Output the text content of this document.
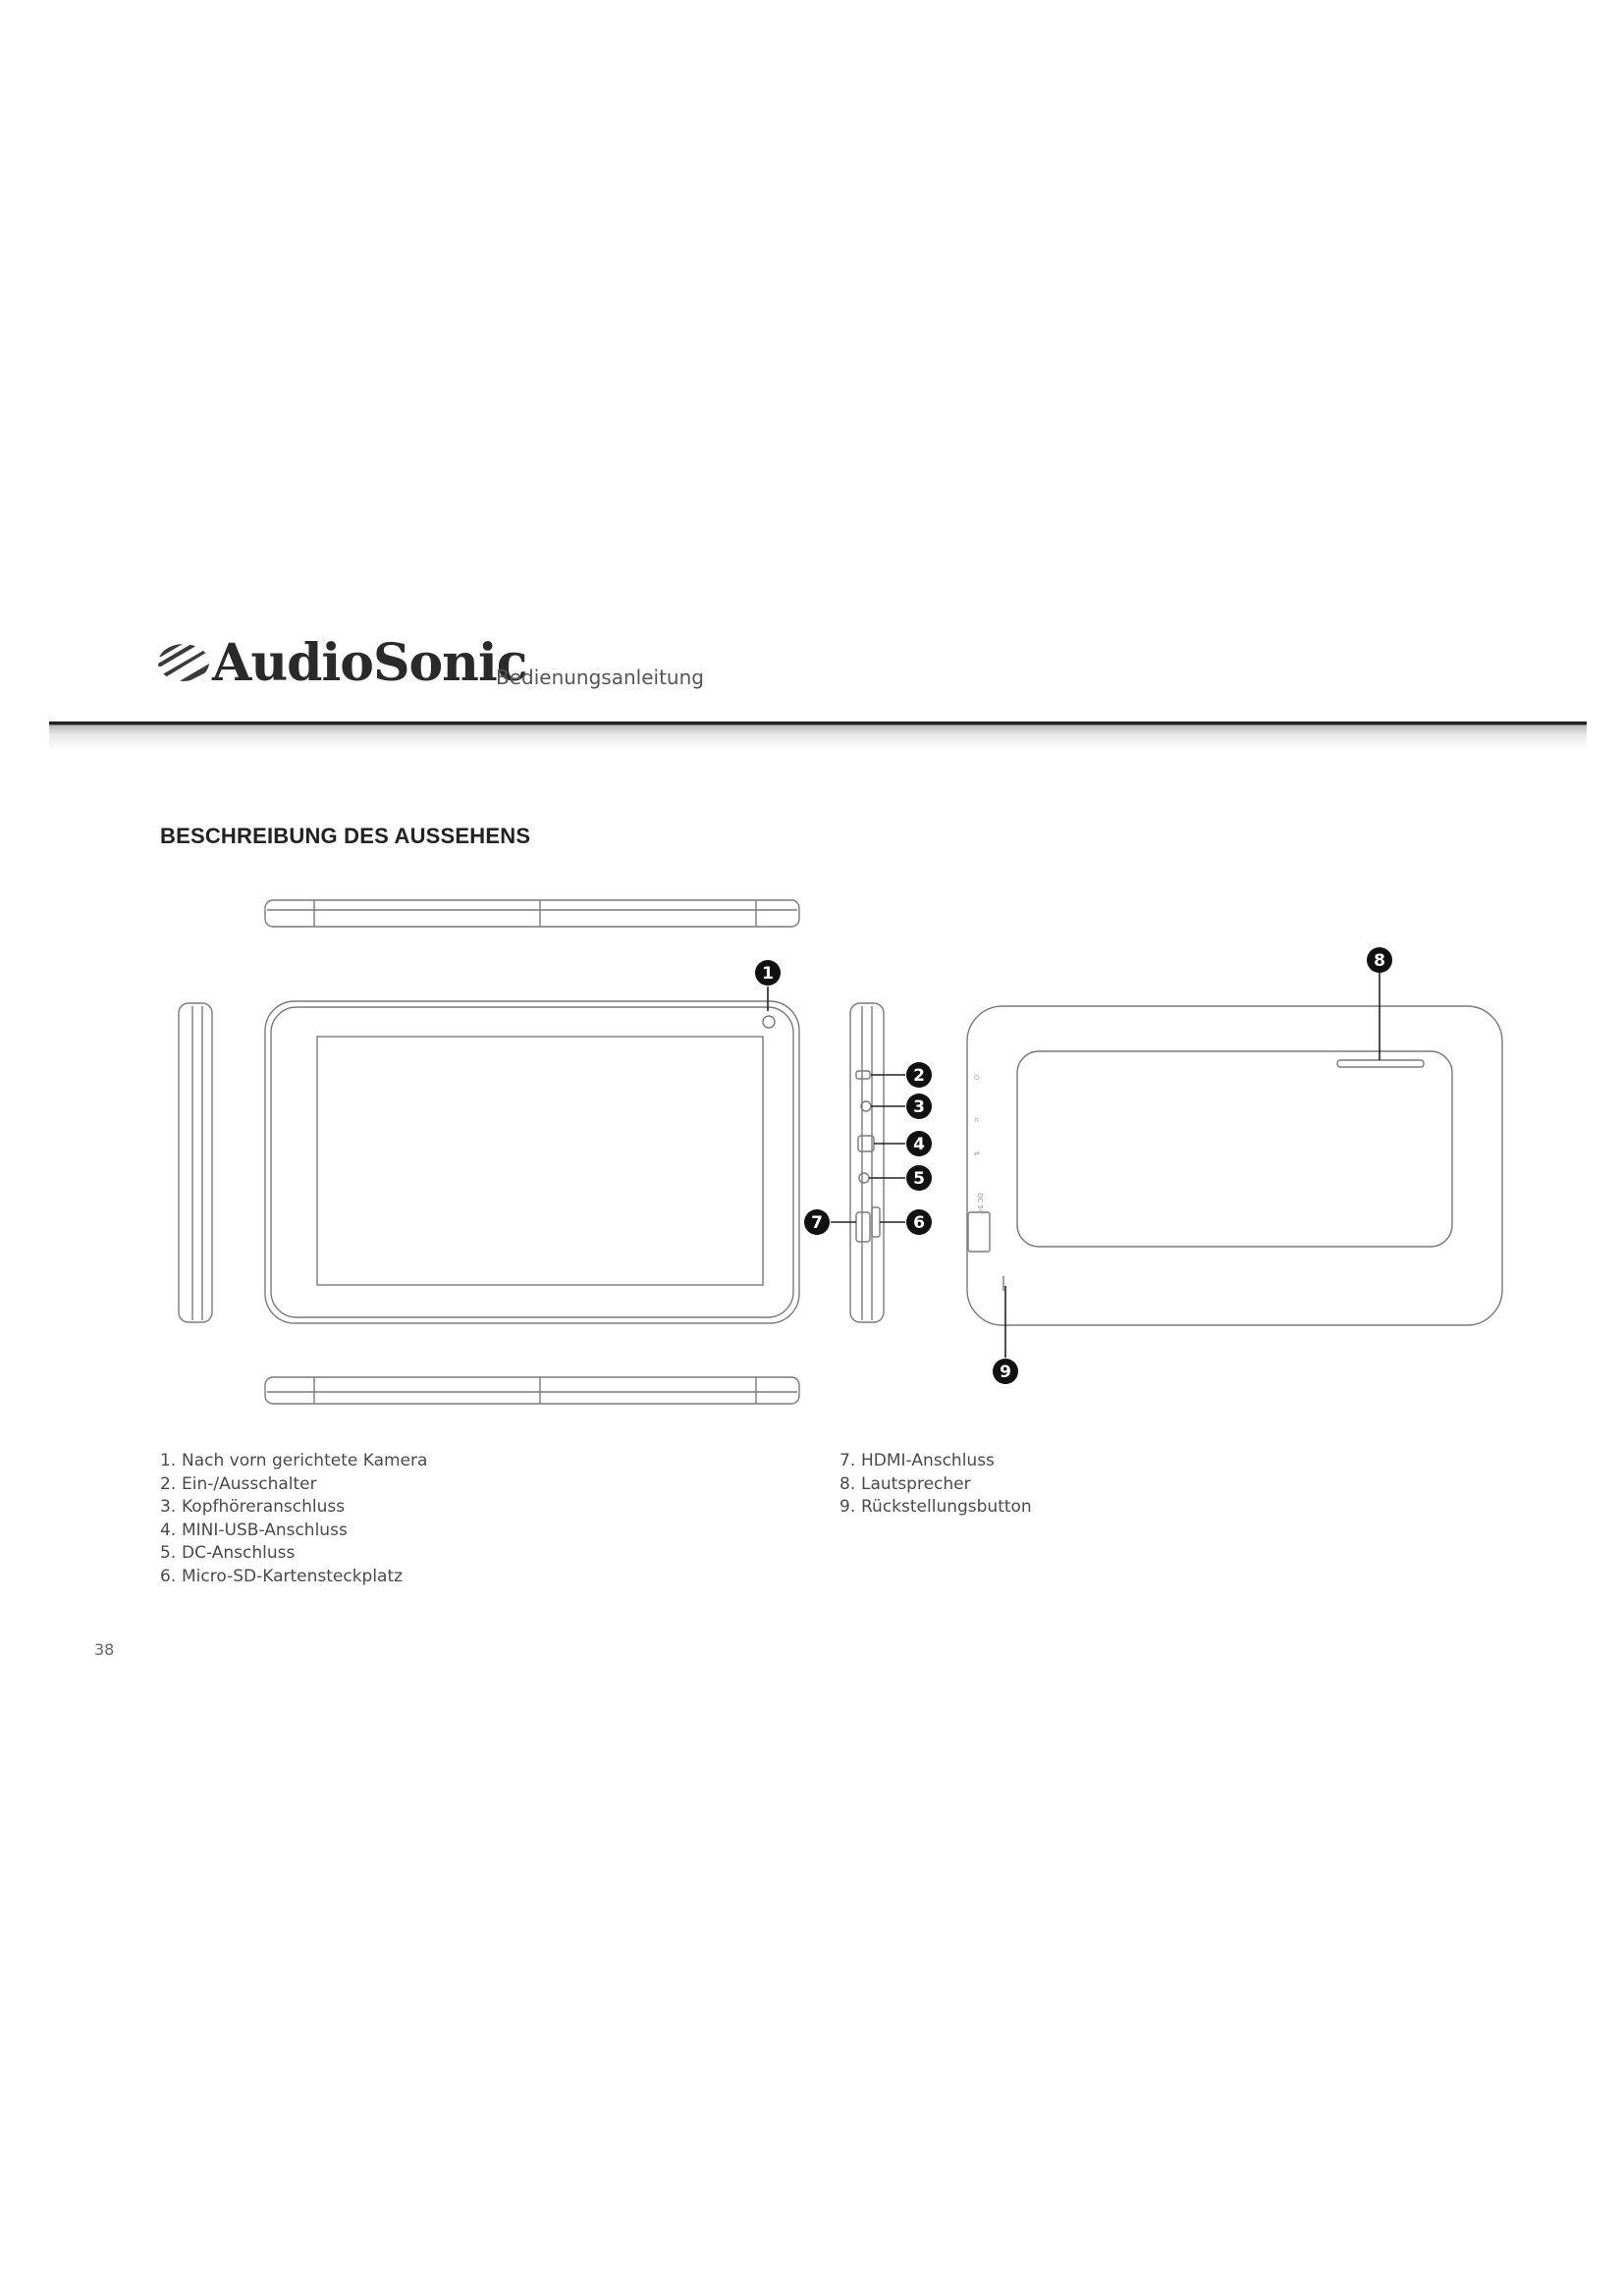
AudioSonic
Bedienungsanleitung
BESCHREIBUNG DES AUSSEHENS
⏻
∩
⇌
DC 5V
1
2
3
4
5
6
7
8
9
1. Nach vorn gerichtete Kamera
2. Ein-/Ausschalter
3. Kopfhöreranschluss
4. MINI-USB-Anschluss
5. DC-Anschluss
6. Micro-SD-Kartensteckplatz
7. HDMI-Anschluss
8. Lautsprecher
9. Rückstellungsbutton
38
